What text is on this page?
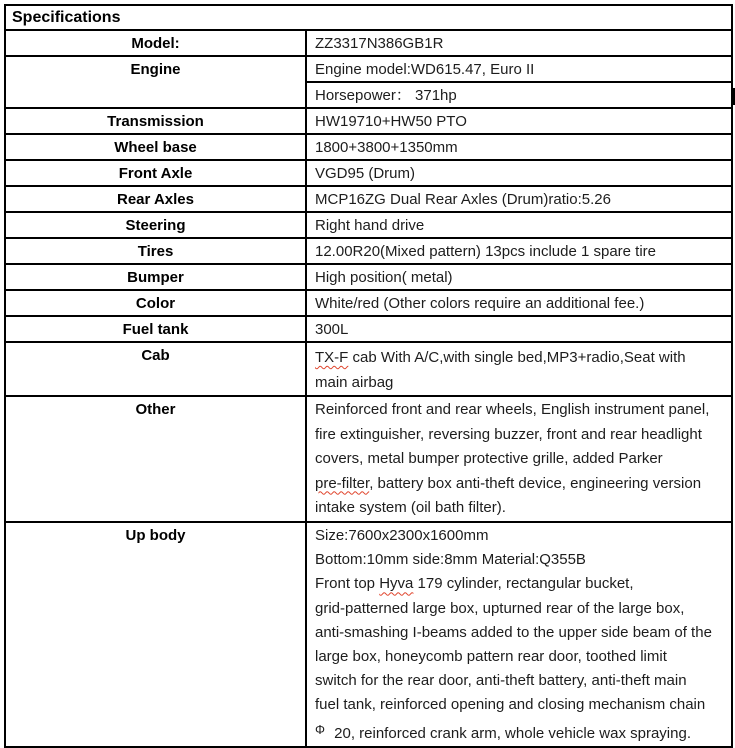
Specifications	
Model:	ZZ3317N386GB1R
Engine	Engine model:WD615.47, Euro II
	Horsepower： 371hp
Transmission	HW19710+HW50 PTO
Wheel base	1800+3800+1350mm
Front Axle	VGD95 (Drum)
Rear Axles	MCP16ZG Dual Rear Axles (Drum)ratio:5.26
Steering	Right hand drive
Tires	12.00R20(Mixed pattern) 13pcs include 1 spare tire
Bumper	High position( metal)
Color	White/red (Other colors require an additional fee.)
Fuel tank	300L
Cab	TX-F cab With A/C,with single bed,MP3+radio,Seat with
main airbag

Other	Reinforced front and rear wheels, English instrument panel,
fire extinguisher, reversing buzzer, front and rear headlight
covers, metal bumper protective grille, added Parker
pre-filter, battery box anti-theft device, engineering version
intake system (oil bath filter).

Up body	Size:7600x2300x1600mm
Bottom:10mm side:8mm Material:Q355B
Front top Hyva 179 cylinder, rectangular bucket,
grid-patterned large box, upturned rear of the large box,
anti-smashing I-beams added to the upper side beam of the
large box, honeycomb pattern rear door, toothed limit
switch for the rear door, anti-theft battery, anti-theft main
fuel tank, reinforced opening and closing mechanism chain
Φ 20, reinforced crank arm, whole vehicle wax spraying.
